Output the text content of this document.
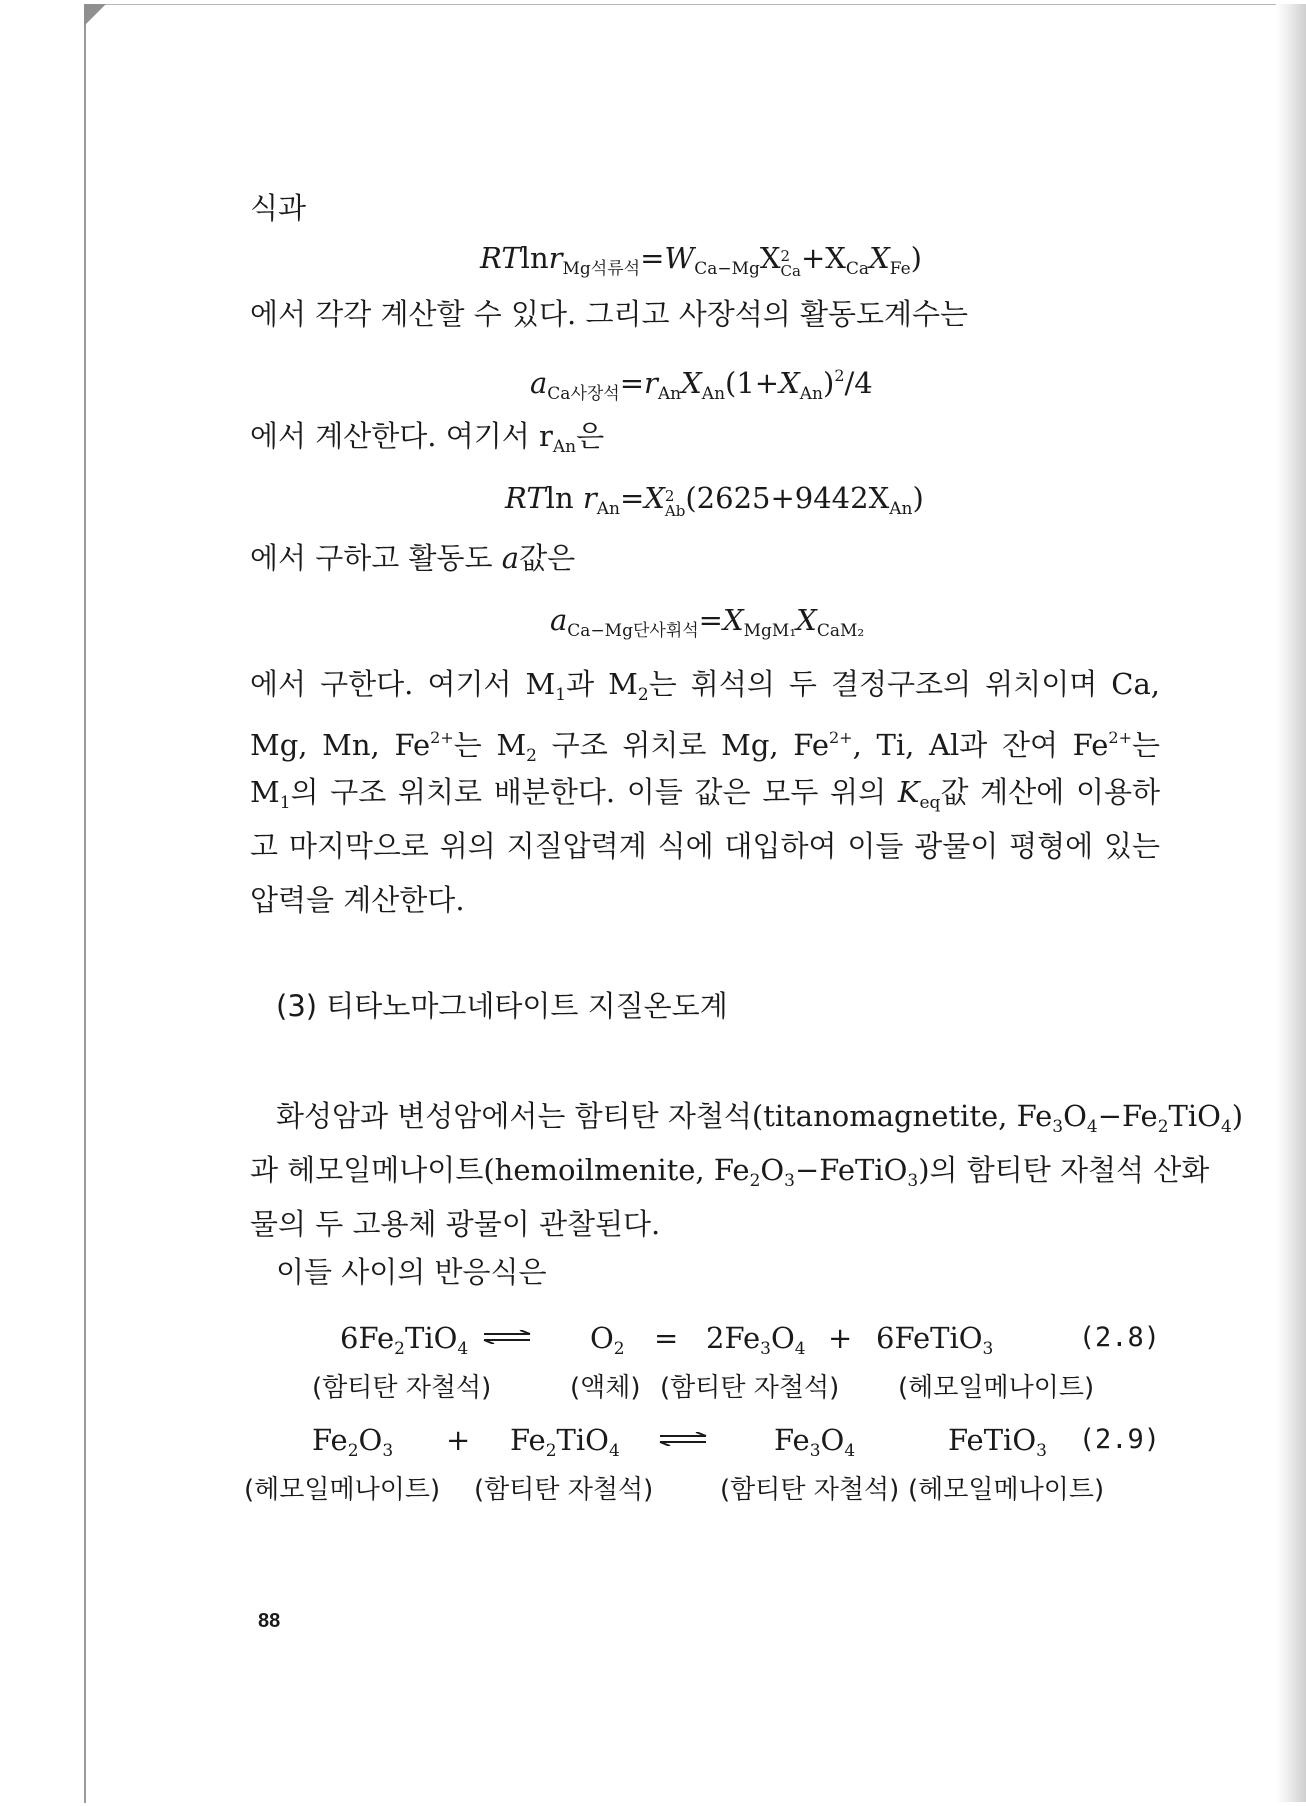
식과
$RTlnr_{Mg석류석}=W_{Ca-Mg}X2$
$Ca+X_{Ca}X_{Fe}$)
에서 각각 계산할 수 있다. 그리고 사장석의 활동도계수는
$a_{Ca사장석}=r_{An}X_{An}(1+X_{An})^2/4$
에서 계산한다. 여기서 $r_{An}$은
RTln $r_{An}=X2$
$Ab(2625+9442X_{An})$
에서 구하고 활동도 a값은
$a_{Ca-Mg단사휘석}=X_{MgM_1}X_{CaM_2}$
에서 구한다. 여기서 $M_1$과 $M_2$는 휘석의 두 결정구조의 위치이며 Ca,
Mg, Mn, $Fe^{2+}$는 $M_2$ 구조 위치로 Mg, $Fe^{2+}$, Ti, Al과 잔여 $Fe^{2+}$는
$M_1$의 구조 위치로 배분한다. 이들 값은 모두 위의 $K_{eq}$값 계산에 이용하
고 마지막으로 위의 지질압력계 식에 대입하여 이들 광물이 평형에 있는
압력을 계산한다.
(3) 티타노마그네타이트 지질온도계
화성암과 변성암에서는 함티탄 자철석(titanomagnetite, $Fe_3O_4-Fe_2TiO_4$)
과 헤모일메나이트(hemoilmenite, $Fe_2O_3-FeTiO_3$)의 함티탄 자철석 산화
물의 두 고용체 광물이 관찰된다.
이들 사이의 반응식은
$6Fe_2TiO_4$	$O_2 = 2Fe_3O_4$ + 6FeTiO$_3$	(2.8)
(함티탄 자철석)	(액체) (함티탄 자철석) (헤모일메나이트)
$Fe_2O_3 + Fe_2TiO_4$	$Fe_3O_4$	FeTiO$_3$ (2.9)
(헤모일메나이트) (함티탄 자철석)	(함티탄 자철석) (헤모일메나이트)
88
